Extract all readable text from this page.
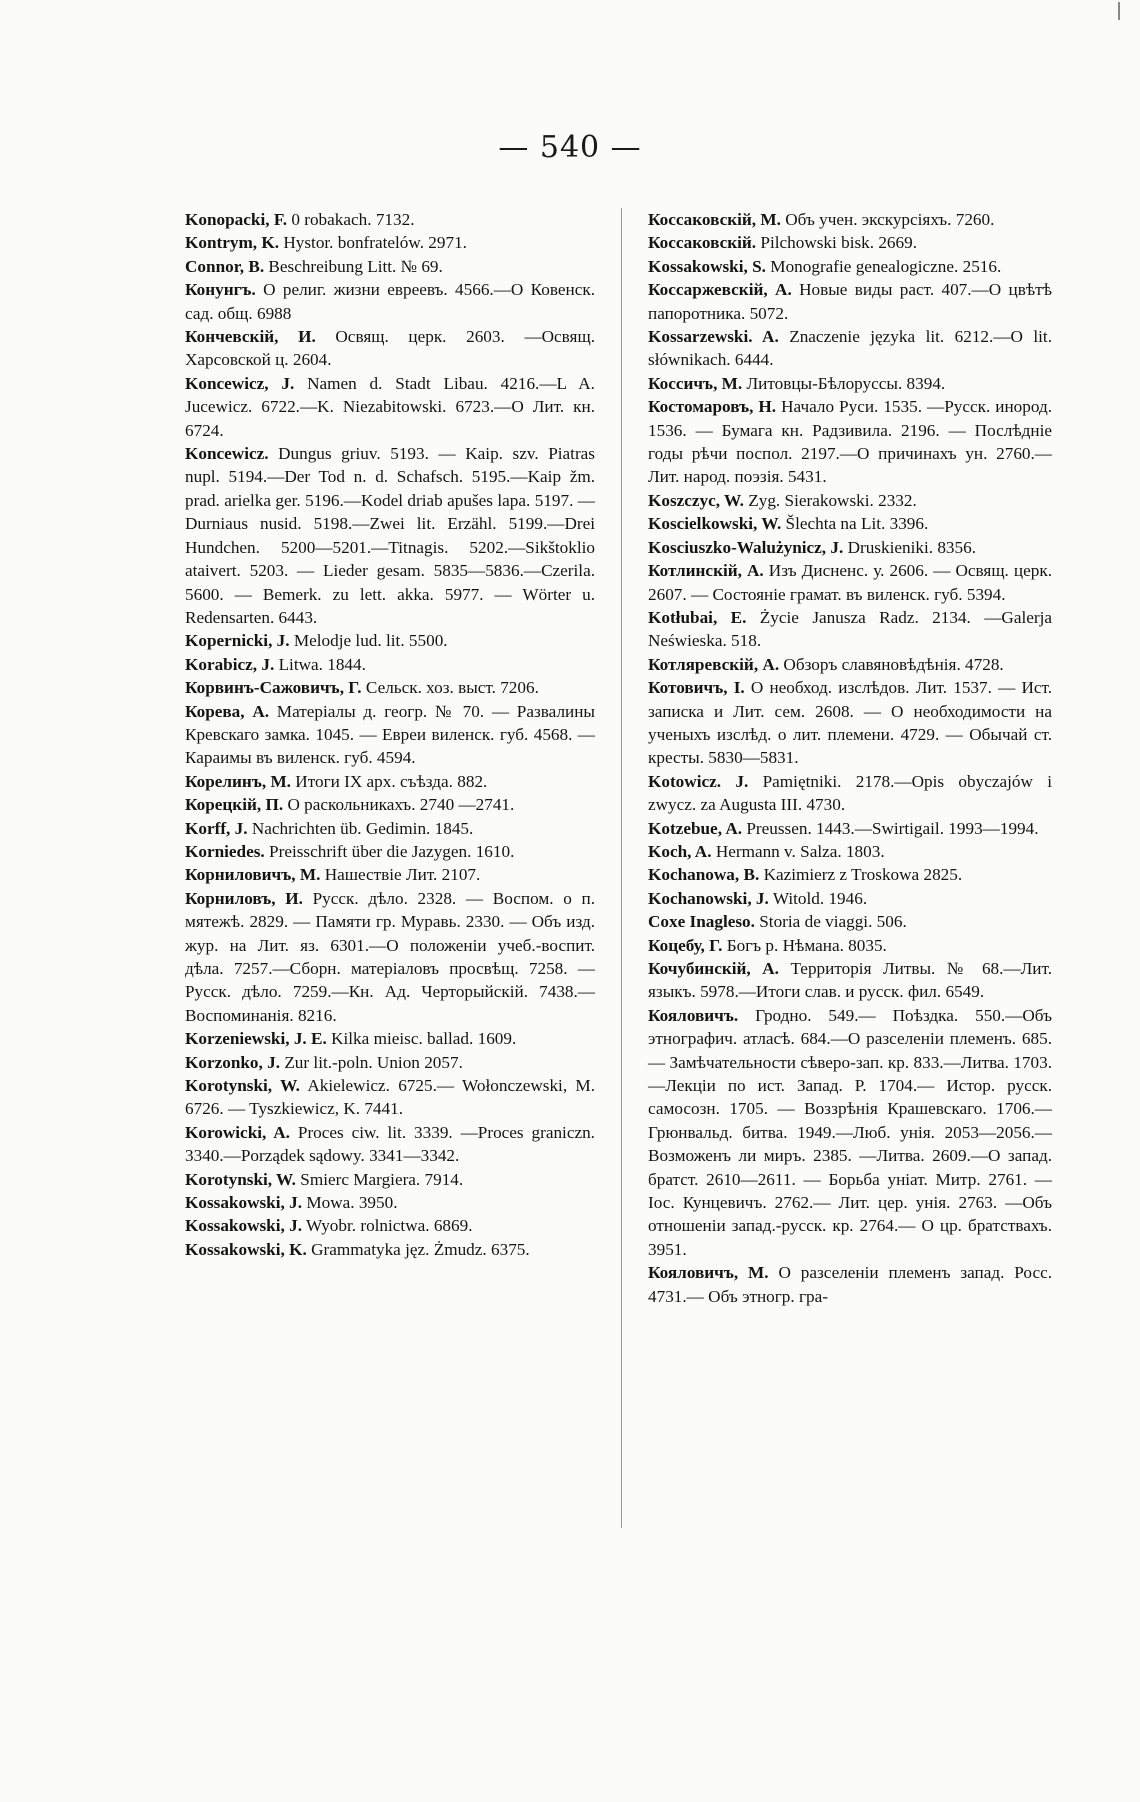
— 540 —

Konopacki, F. 0 robakach. 7132.

Kontrym, K. Hystor. bonfratelów. 2971.

Connor, B. Beschreibung Litt. № 69.

Конунгъ. О религ. жизни евреевъ. 4566.—О Ковенск. сад. общ. 6988

Кончевскій, И. Освящ. церк. 2603. —Освящ. Харсовской ц. 2604.

Koncewicz, J. Namen d. Stadt Libau. 4216.—L A. Jucewicz. 6722.—K. Niezabitowski. 6723.—О Лит. кн. 6724.

Koncewicz. Dungus griuv. 5193. — Kaip. szv. Piatras nupl. 5194.—Der Tod n. d. Schafsch. 5195.—Kaip žm. prad. arielka ger. 5196.—Kodel driab apušes lapa. 5197. —Durniaus nusid. 5198.—Zwei lit. Erzähl. 5199.—Drei Hundchen. 5200—5201.—Titnagis. 5202.—Sikštoklio ataivert. 5203. — Lieder gesam. 5835—5836.—Czerila. 5600. — Bemerk. zu lett. akka. 5977. — Wörter u. Redensarten. 6443.

Kopernicki, J. Melodje lud. lit. 5500.

Korabicz, J. Litwa. 1844.

Корвинъ-Сажовичъ, Г. Сельск. хоз. выст. 7206.

Корева, А. Матеріалы д. геогр. № 70. — Развалины Кревскаго замка. 1045. — Евреи виленск. губ. 4568. — Караимы въ виленск. губ. 4594.

Корелинъ, М. Итоги IX арх. съѣзда. 882.

Корецкій, П. О раскольникахъ. 2740 —2741.

Korff, J. Nachrichten üb. Gedimin. 1845.

Korniedes. Preisschrift über die Jazygen. 1610.

Корниловичъ, М. Нашествіе Лит. 2107.

Корниловъ, И. Русск. дѣло. 2328. — Воспом. о п. мятежѣ. 2829. — Памяти гр. Муравь. 2330. — Объ изд. жур. на Лит. яз. 6301.—О положеніи учеб.-воспит. дѣла. 7257.—Сборн. матеріаловъ просвѣщ. 7258. —Русск. дѣло. 7259.—Кн. Ад. Черторыйскій. 7438.—Воспоминанія. 8216.

Korzeniewski, J. E. Kilka mieisc. ballad. 1609.

Korzonko, J. Zur lit.-poln. Union 2057.

Korotynski, W. Akielewicz. 6725.— Wołonczewski, M. 6726. — Tyszkiewicz, K. 7441.

Korowicki, A. Proces ciw. lit. 3339. —Proces graniczn. 3340.—Porządek sądowy. 3341—3342.

Korotynski, W. Smierc Margiera. 7914.

Kossakowski, J. Mowa. 3950.

Kossakowski, J. Wyobr. rolnictwa. 6869.

Kossakowski, K. Grammatyka jęz. Żmudz. 6375.

Коссаковскій, М. Объ учен. экскурсіяхъ. 7260.

Коссаковскій. Pilchowski bisk. 2669.

Kossakowski, S. Monografie genealogiczne. 2516.

Коссаржевскій, А. Новые виды раст. 407.—О цвѣтѣ папоротника. 5072.

Kossarzewski. A. Znaczenie języka lit. 6212.—O lit. słównikach. 6444.

Коссичъ, М. Литовцы-Бѣлоруссы. 8394.

Костомаровъ, Н. Начало Руси. 1535. —Русск. инород. 1536. — Бумага кн. Радзивила. 2196. — Послѣдніе годы рѣчи поспол. 2197.—О причинахъ ун. 2760.— Лит. народ. поэзія. 5431.

Koszczyc, W. Zyg. Sierakowski. 2332.

Koscielkowski, W. Šlechta na Lit. 3396.

Kosciuszko-Walużynicz, J. Druskieniki. 8356.

Котлинскій, А. Изъ Дисненс. у. 2606. — Освящ. церк. 2607. — Состояніе грамат. въ виленск. губ. 5394.

Kotłubai, E. Życie Janusza Radz. 2134. —Galerja Neświeska. 518.

Котляревскій, А. Обзоръ славяновѣдѣнія. 4728.

Котовичъ, I. О необход. изслѣдов. Лит. 1537. — Ист. записка и Лит. сем. 2608. — О необходимости на ученыхъ изслѣд. о лит. племени. 4729. — Обычай ст. кресты. 5830—5831.

Kotowicz. J. Pamiętniki. 2178.—Opis obyczajów i zwycz. za Augusta III. 4730.

Kotzebue, A. Preussen. 1443.—Swirtigail. 1993—1994.

Koch, A. Hermann v. Salza. 1803.

Kochanowa, B. Kazimierz z Troskowa 2825.

Kochanowski, J. Witold. 1946.

Coxe Inagleso. Storia de viaggi. 506.

Коцебу, Г. Богъ р. Нѣмана. 8035.

Кочубинскій, А. Территорія Литвы. № 68.—Лит. языкъ. 5978.—Итоги слав. и русск. фил. 6549.

Кояловичъ. Гродно. 549.— Поѣздка. 550.—Объ этнографич. атласѣ. 684.—О разселеніи племенъ. 685. — Замѣчательности сѣверо-зап. кр. 833.—Литва. 1703.—Лекціи по ист. Запад. Р. 1704.— Истор. русск. самосозн. 1705. — Воззрѣнія Крашевскаго. 1706.—Грюнвальд. битва. 1949.—Люб. унія. 2053—2056.— Возможенъ ли миръ. 2385. —Литва. 2609.—О запад. братст. 2610—2611. — Борьба уніат. Митр. 2761. — Іос. Кунцевичъ. 2762.— Лит. цер. унія. 2763. —Объ отношеніи запад.-русск. кр. 2764.— О цр. братствахъ. 3951.

Кояловичъ, М. О разселеніи племенъ запад. Росс. 4731.— Объ этногр. гра-
